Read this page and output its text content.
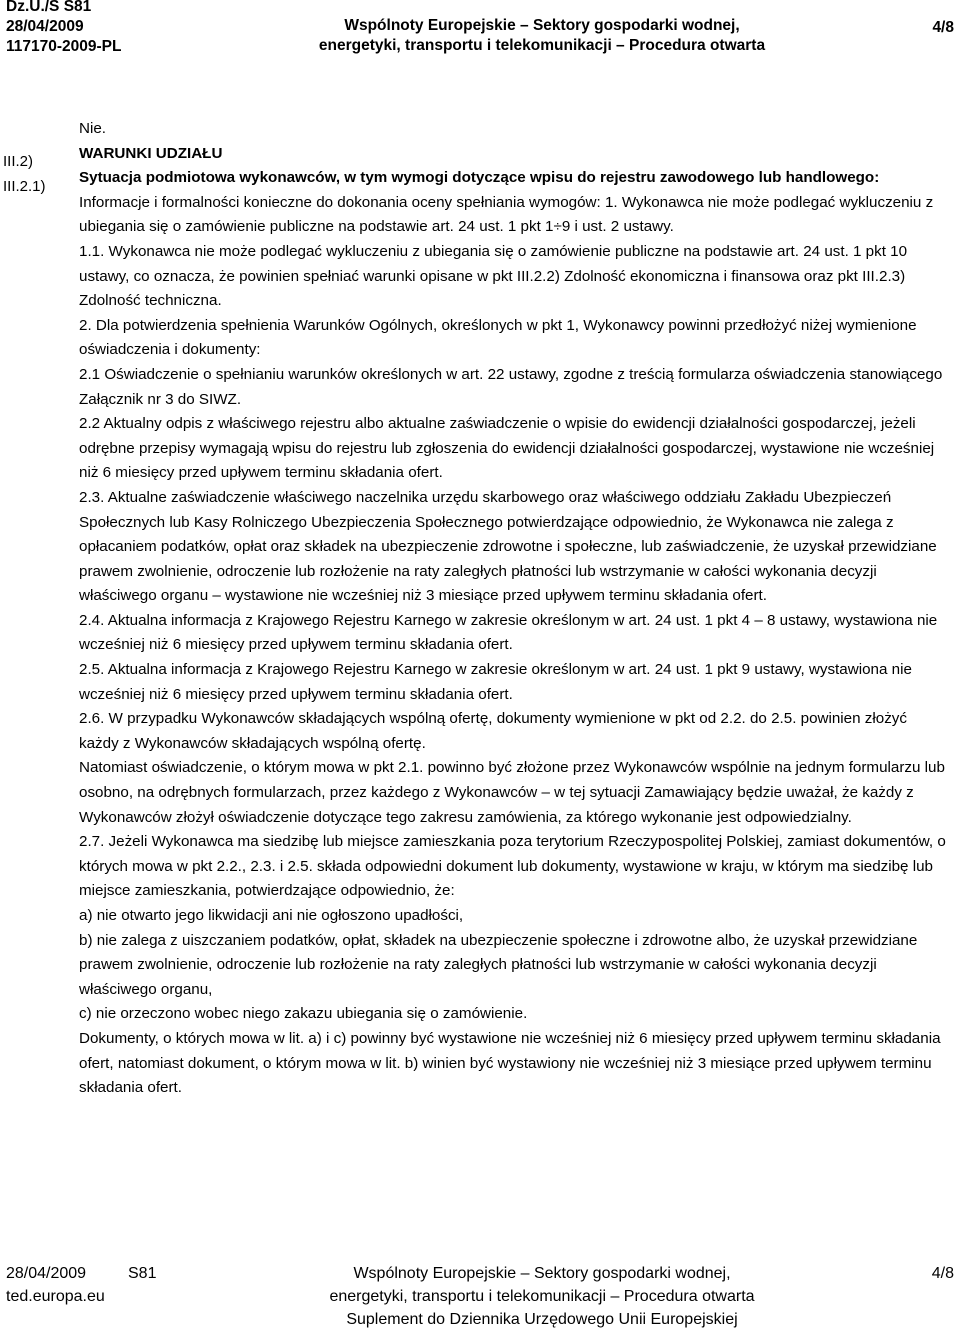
Dz.U./S S81
28/04/2009
117170-2009-PL
Wspólnoty Europejskie – Sektory gospodarki wodnej,
energetyki, transportu i telekomunikacji – Procedura otwarta
4/8
III.2)
III.2.1)

Nie.

WARUNKI UDZIAŁU

Sytuacja podmiotowa wykonawców, w tym wymogi dotyczące wpisu do rejestru zawodowego lub handlowego:

Informacje i formalności konieczne do dokonania oceny spełniania wymogów: 1. Wykonawca nie może podlegać wykluczeniu z ubiegania się o zamówienie publiczne na podstawie art. 24 ust. 1 pkt 1÷9 i ust. 2 ustawy.

1.1. Wykonawca nie może podlegać wykluczeniu z ubiegania się o zamówienie publiczne na podstawie art. 24 ust. 1 pkt 10 ustawy, co oznacza, że powinien spełniać warunki opisane w pkt III.2.2) Zdolność ekonomiczna i finansowa oraz pkt III.2.3) Zdolność techniczna.

2. Dla potwierdzenia spełnienia Warunków Ogólnych, określonych w pkt 1, Wykonawcy powinni przedłożyć niżej wymienione oświadczenia i dokumenty:

2.1 Oświadczenie o spełnianiu warunków określonych w art. 22 ustawy, zgodne z treścią formularza oświadczenia stanowiącego Załącznik nr 3 do SIWZ.

2.2 Aktualny odpis z właściwego rejestru albo aktualne zaświadczenie o wpisie do ewidencji działalności gospodarczej, jeżeli odrębne przepisy wymagają wpisu do rejestru lub zgłoszenia do ewidencji działalności gospodarczej, wystawione nie wcześniej niż 6 miesięcy przed upływem terminu składania ofert.

2.3. Aktualne zaświadczenie właściwego naczelnika urzędu skarbowego oraz właściwego oddziału Zakładu Ubezpieczeń Społecznych lub Kasy Rolniczego Ubezpieczenia Społecznego potwierdzające odpowiednio, że Wykonawca nie zalega z opłacaniem podatków, opłat oraz składek na ubezpieczenie zdrowotne i społeczne, lub zaświadczenie, że uzyskał przewidziane prawem zwolnienie, odroczenie lub rozłożenie na raty zaległych płatności lub wstrzymanie w całości wykonania decyzji właściwego organu – wystawione nie wcześniej niż 3 miesiące przed upływem terminu składania ofert.

2.4. Aktualna informacja z Krajowego Rejestru Karnego w zakresie określonym w art. 24 ust. 1 pkt 4 – 8 ustawy, wystawiona nie wcześniej niż 6 miesięcy przed upływem terminu składania ofert.

2.5. Aktualna informacja z Krajowego Rejestru Karnego w zakresie określonym w art. 24 ust. 1 pkt 9 ustawy, wystawiona nie wcześniej niż 6 miesięcy przed upływem terminu składania ofert.

2.6. W przypadku Wykonawców składających wspólną ofertę, dokumenty wymienione w pkt od 2.2. do 2.5. powinien złożyć każdy z Wykonawców składających wspólną ofertę.

Natomiast oświadczenie, o którym mowa w pkt 2.1. powinno być złożone przez Wykonawców wspólnie na jednym formularzu lub osobno, na odrębnych formularzach, przez każdego z Wykonawców – w tej sytuacji Zamawiający będzie uważał, że każdy z Wykonawców złożył oświadczenie dotyczące tego zakresu zamówienia, za którego wykonanie jest odpowiedzialny.

2.7. Jeżeli Wykonawca ma siedzibę lub miejsce zamieszkania poza terytorium Rzeczypospolitej Polskiej, zamiast dokumentów, o których mowa w pkt 2.2., 2.3. i 2.5. składa odpowiedni dokument lub dokumenty, wystawione w kraju, w którym ma siedzibę lub miejsce zamieszkania, potwierdzające odpowiednio, że:

a) nie otwarto jego likwidacji ani nie ogłoszono upadłości,

b) nie zalega z uiszczaniem podatków, opłat, składek na ubezpieczenie społeczne i zdrowotne albo, że uzyskał przewidziane prawem zwolnienie, odroczenie lub rozłożenie na raty zaległych płatności lub wstrzymanie w całości wykonania decyzji właściwego organu,

c) nie orzeczono wobec niego zakazu ubiegania się o zamówienie.

Dokumenty, o których mowa w lit. a) i c) powinny być wystawione nie wcześniej niż 6 miesięcy przed upływem terminu składania ofert, natomiast dokument, o którym mowa w lit. b) winien być wystawiony nie wcześniej niż 3 miesiące przed upływem terminu składania ofert.

28/04/2009	S81
ted.europa.eu
Wspólnoty Europejskie – Sektory gospodarki wodnej,
energetyki, transportu i telekomunikacji – Procedura otwarta
Suplement do Dziennika Urzędowego Unii Europejskiej
4/8
